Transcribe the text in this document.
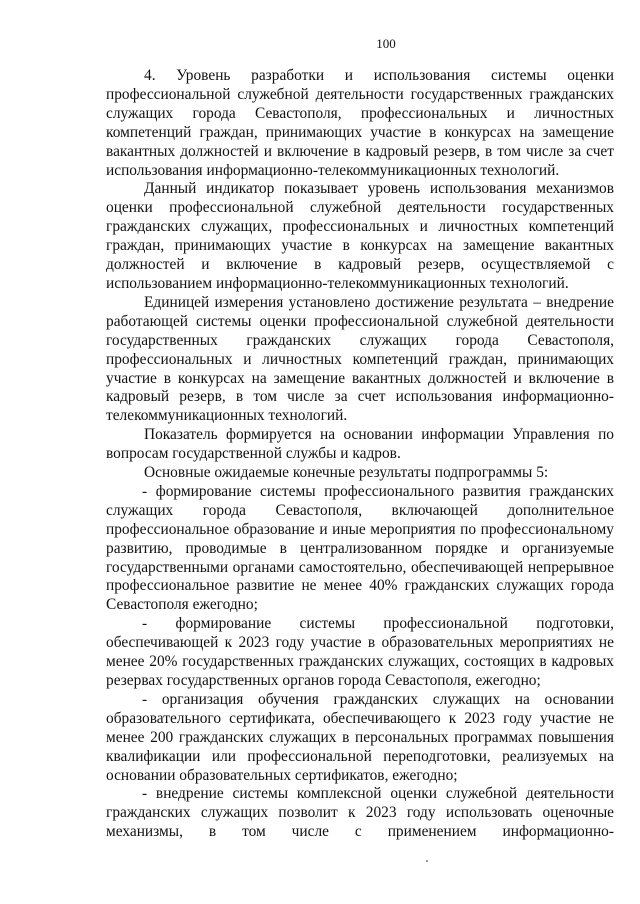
100

4. Уровень разработки и использования системы оценки профессиональной служебной деятельности государственных гражданских служащих города Севастополя, профессиональных и личностных компетенций граждан, принимающих участие в конкурсах на замещение вакантных должностей и включение в кадровый резерв, в том числе за счет использования информационно-телекоммуникационных технологий.

Данный индикатор показывает уровень использования механизмов оценки профессиональной служебной деятельности государственных гражданских служащих, профессиональных и личностных компетенций граждан, принимающих участие в конкурсах на замещение вакантных должностей и включение в кадровый резерв, осуществляемой с использованием информационно-телекоммуникационных технологий.

Единицей измерения установлено достижение результата – внедрение работающей системы оценки профессиональной служебной деятельности государственных гражданских служащих города Севастополя, профессиональных и личностных компетенций граждан, принимающих участие в конкурсах на замещение вакантных должностей и включение в кадровый резерв, в том числе за счет использования информационно-телекоммуникационных технологий.

Показатель формируется на основании информации Управления по вопросам государственной службы и кадров.

Основные ожидаемые конечные результаты подпрограммы 5:

- формирование системы профессионального развития гражданских служащих города Севастополя, включающей дополнительное профессиональное образование и иные мероприятия по профессиональному развитию, проводимые в централизованном порядке и организуемые государственными органами самостоятельно, обеспечивающей непрерывное профессиональное развитие не менее 40% гражданских служащих города Севастополя ежегодно;

- формирование системы профессиональной подготовки, обеспечивающей к 2023 году участие в образовательных мероприятиях не менее 20% государственных гражданских служащих, состоящих в кадровых резервах государственных органов города Севастополя, ежегодно;

- организация обучения гражданских служащих на основании образовательного сертификата, обеспечивающего к 2023 году участие не менее 200 гражданских служащих в персональных программах повышения квалификации или профессиональной переподготовки, реализуемых на основании образовательных сертификатов, ежегодно;

- внедрение системы комплексной оценки служебной деятельности гражданских служащих позволит к 2023 году использовать оценочные механизмы, в том числе с применением информационно-
